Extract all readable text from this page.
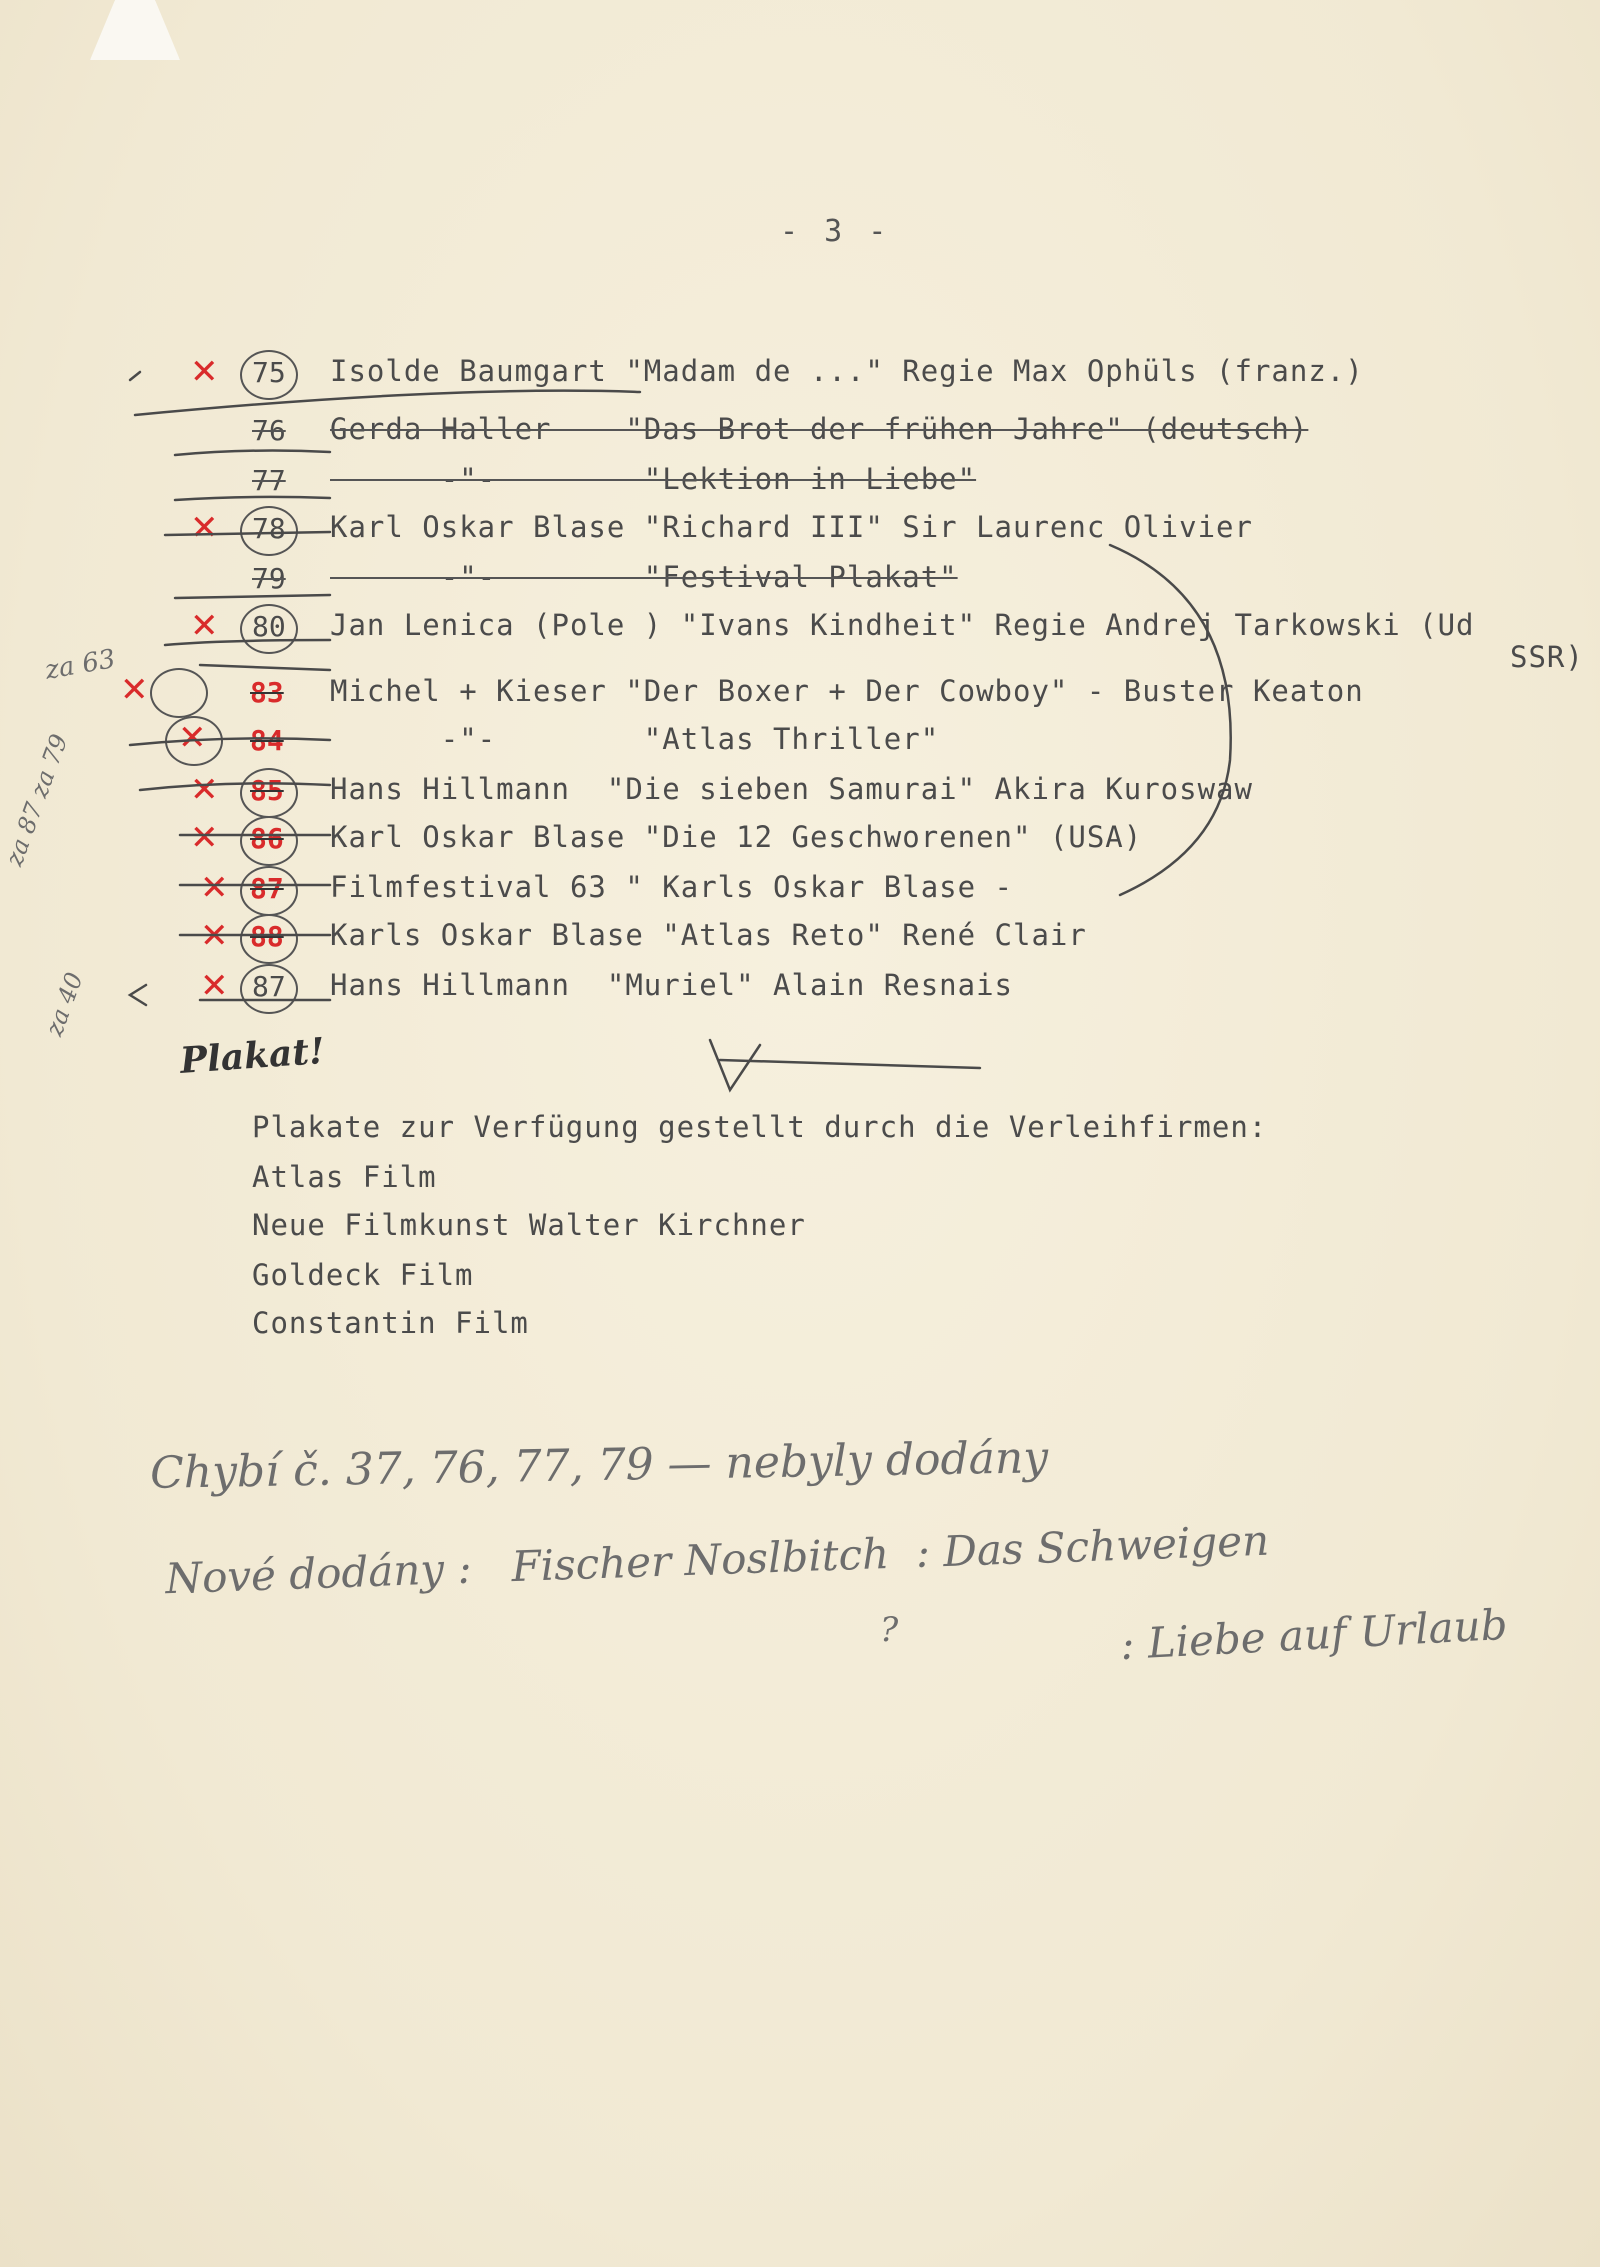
- 3 -
Isolde Baumgart "Madam de ..." Regie Max Ophüls (franz.)
Gerda Haller    "Das Brot der frühen Jahre" (deutsch)
-"-        "Lektion in Liebe"
Karl Oskar Blase "Richard III" Sir Laurenc Olivier
-"-        "Festival Plakat"
Jan Lenica (Pole ) "Ivans Kindheit" Regie Andrej Tarkowski (Ud
SSR)
Michel + Kieser "Der Boxer + Der Cowboy" - Buster Keaton
-"-        "Atlas Thriller"
Hans Hillmann  "Die sieben Samurai" Akira Kuroswaw
Karl Oskar Blase "Die 12 Geschworenen" (USA)
Filmfestival 63 " Karls Oskar Blase -
Karls Oskar Blase "Atlas Reto" René Clair
Hans Hillmann  "Muriel" Alain Resnais
75
✕
76
77
78
✕
79
80
✕
83
✕
84
✕
85
✕
86
✕
87
✕
88
✕
87
✕
za 63
za 87 za 79
za 40
Plakat!
Plakate zur Verfügung gestellt durch die Verleihfirmen:
Atlas Film
Neue Filmkunst Walter Kirchner
Goldeck Film
Constantin Film
Chybí č. 37, 76, 77, 79 — nebyly dodány
Nové dodány :   Fischer Noslbitch  : Das Schweigen
?	: Liebe auf Urlaub
